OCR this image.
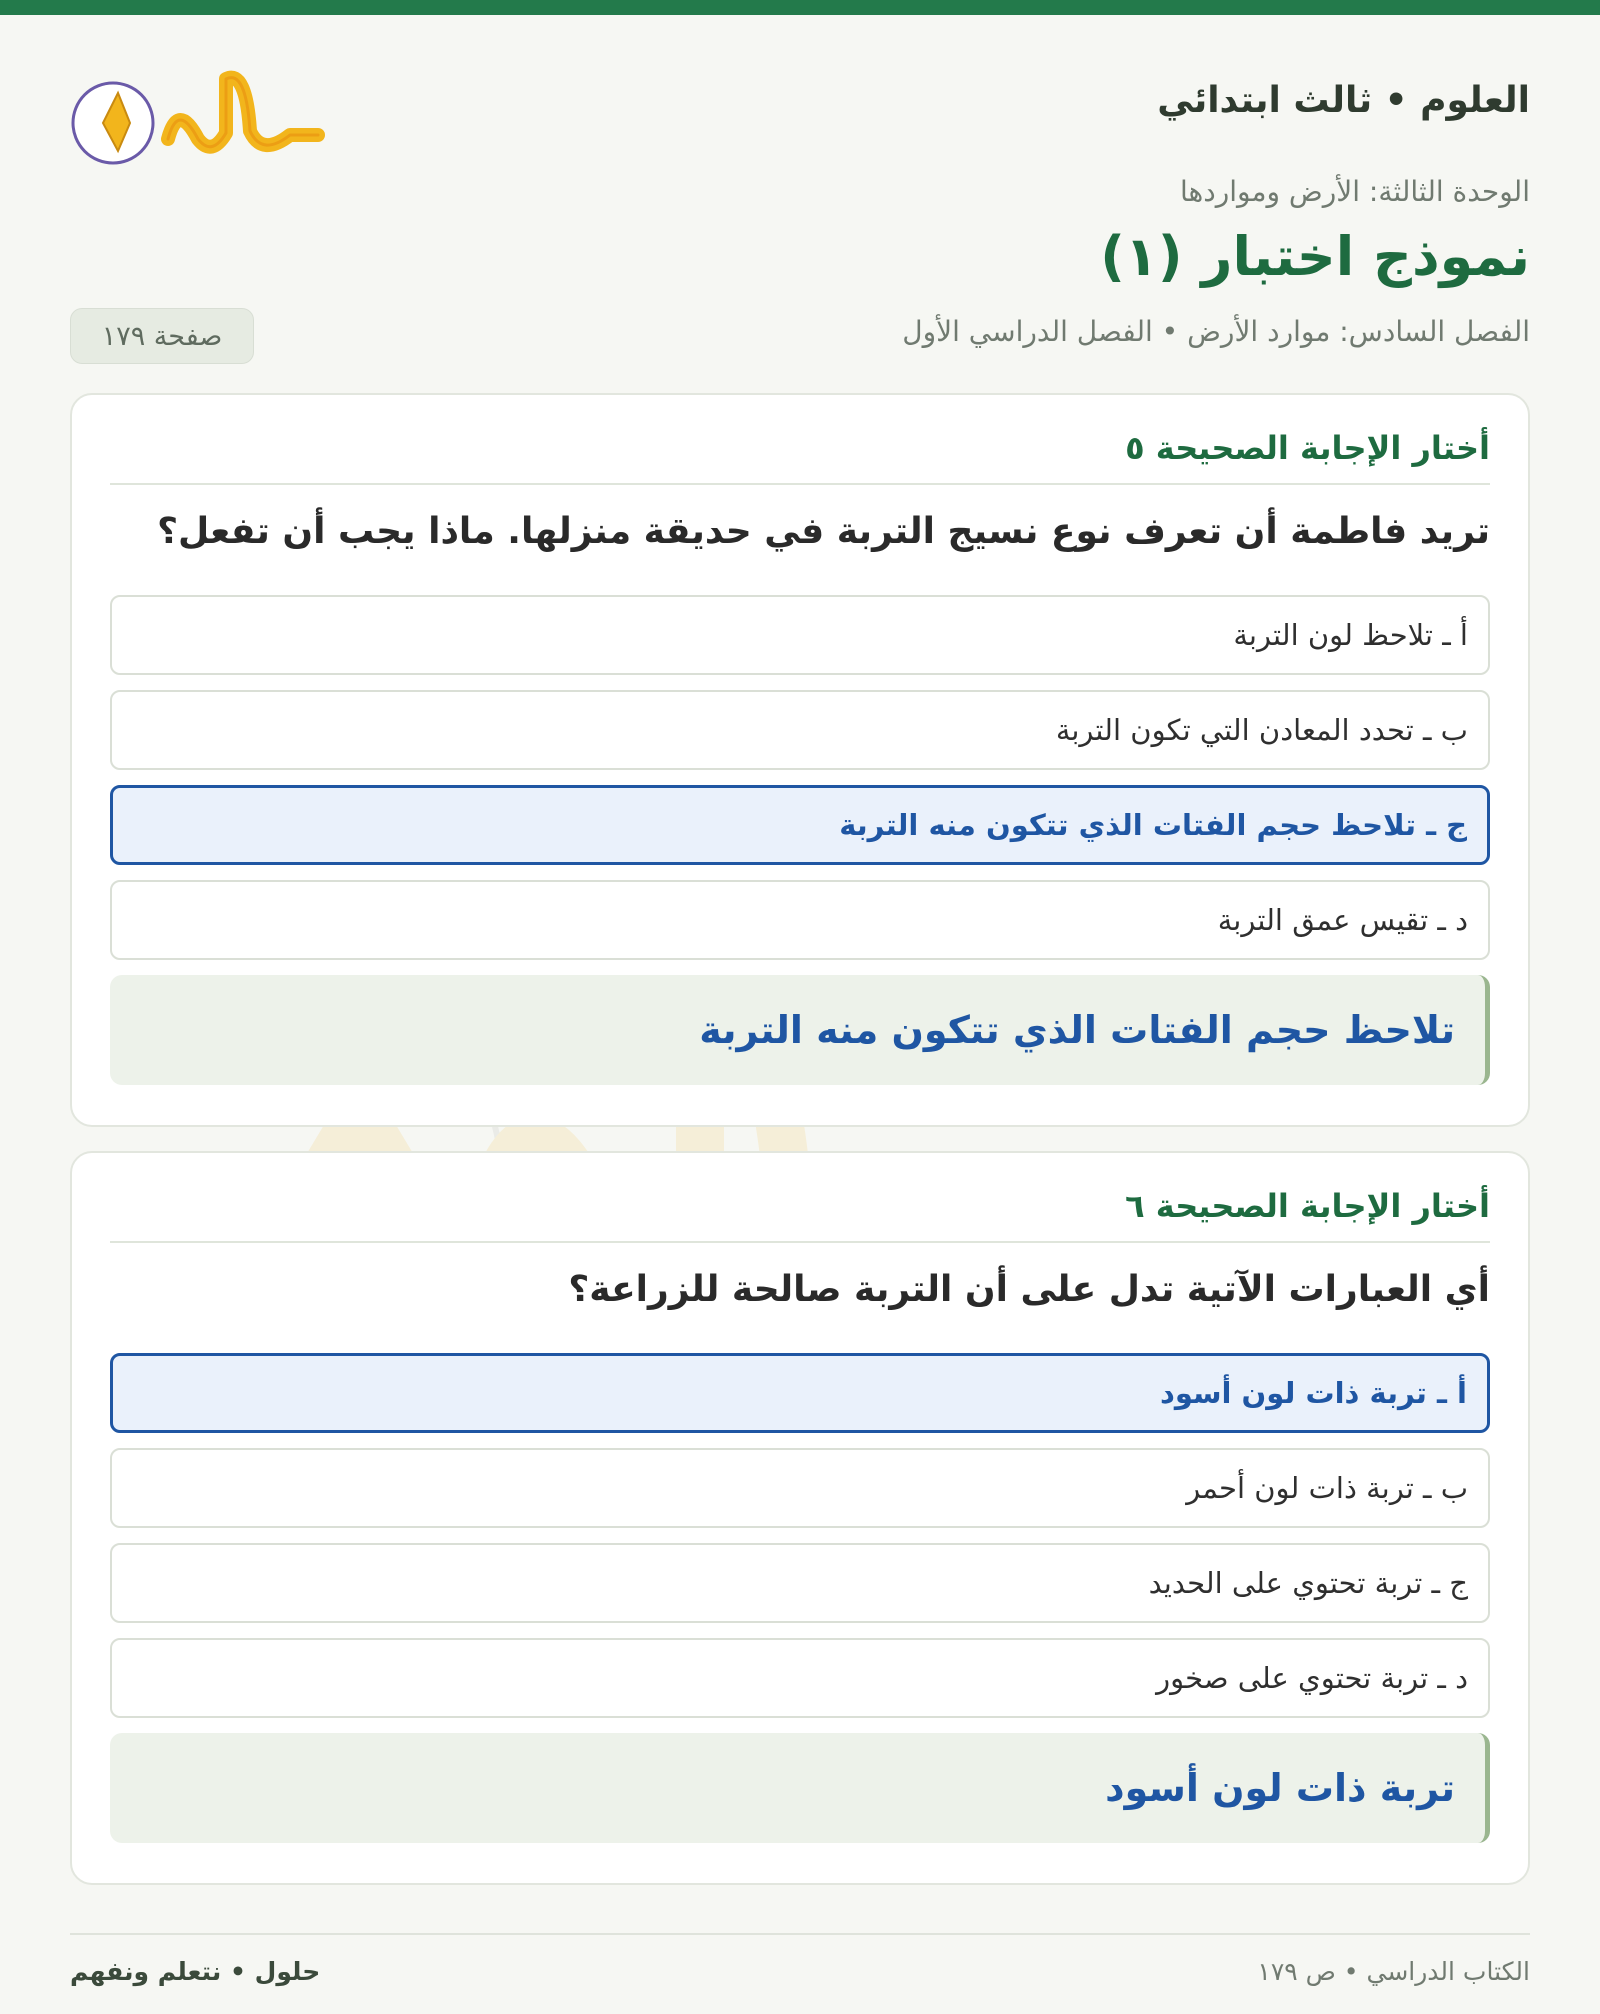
العلوم • ثالث ابتدائي
الوحدة الثالثة: الأرض ومواردها
نموذج اختبار (١)
الفصل السادس: موارد الأرض • الفصل الدراسي الأول
صفحة ١٧٩
أختار الإجابة الصحيحة ٥
تريد فاطمة أن تعرف نوع نسيج التربة في حديقة منزلها. ماذا يجب أن تفعل؟
أ ـ تلاحظ لون التربة
ب ـ تحدد المعادن التي تكون التربة
ج ـ تلاحظ حجم الفتات الذي تتكون منه التربة
د ـ تقيس عمق التربة
تلاحظ حجم الفتات الذي تتكون منه التربة
أختار الإجابة الصحيحة ٦
أي العبارات الآتية تدل على أن التربة صالحة للزراعة؟
أ ـ تربة ذات لون أسود
ب ـ تربة ذات لون أحمر
ج ـ تربة تحتوي على الحديد
د ـ تربة تحتوي على صخور
تربة ذات لون أسود
الكتاب الدراسي • ص ١٧٩
حلول • نتعلم ونفهم
